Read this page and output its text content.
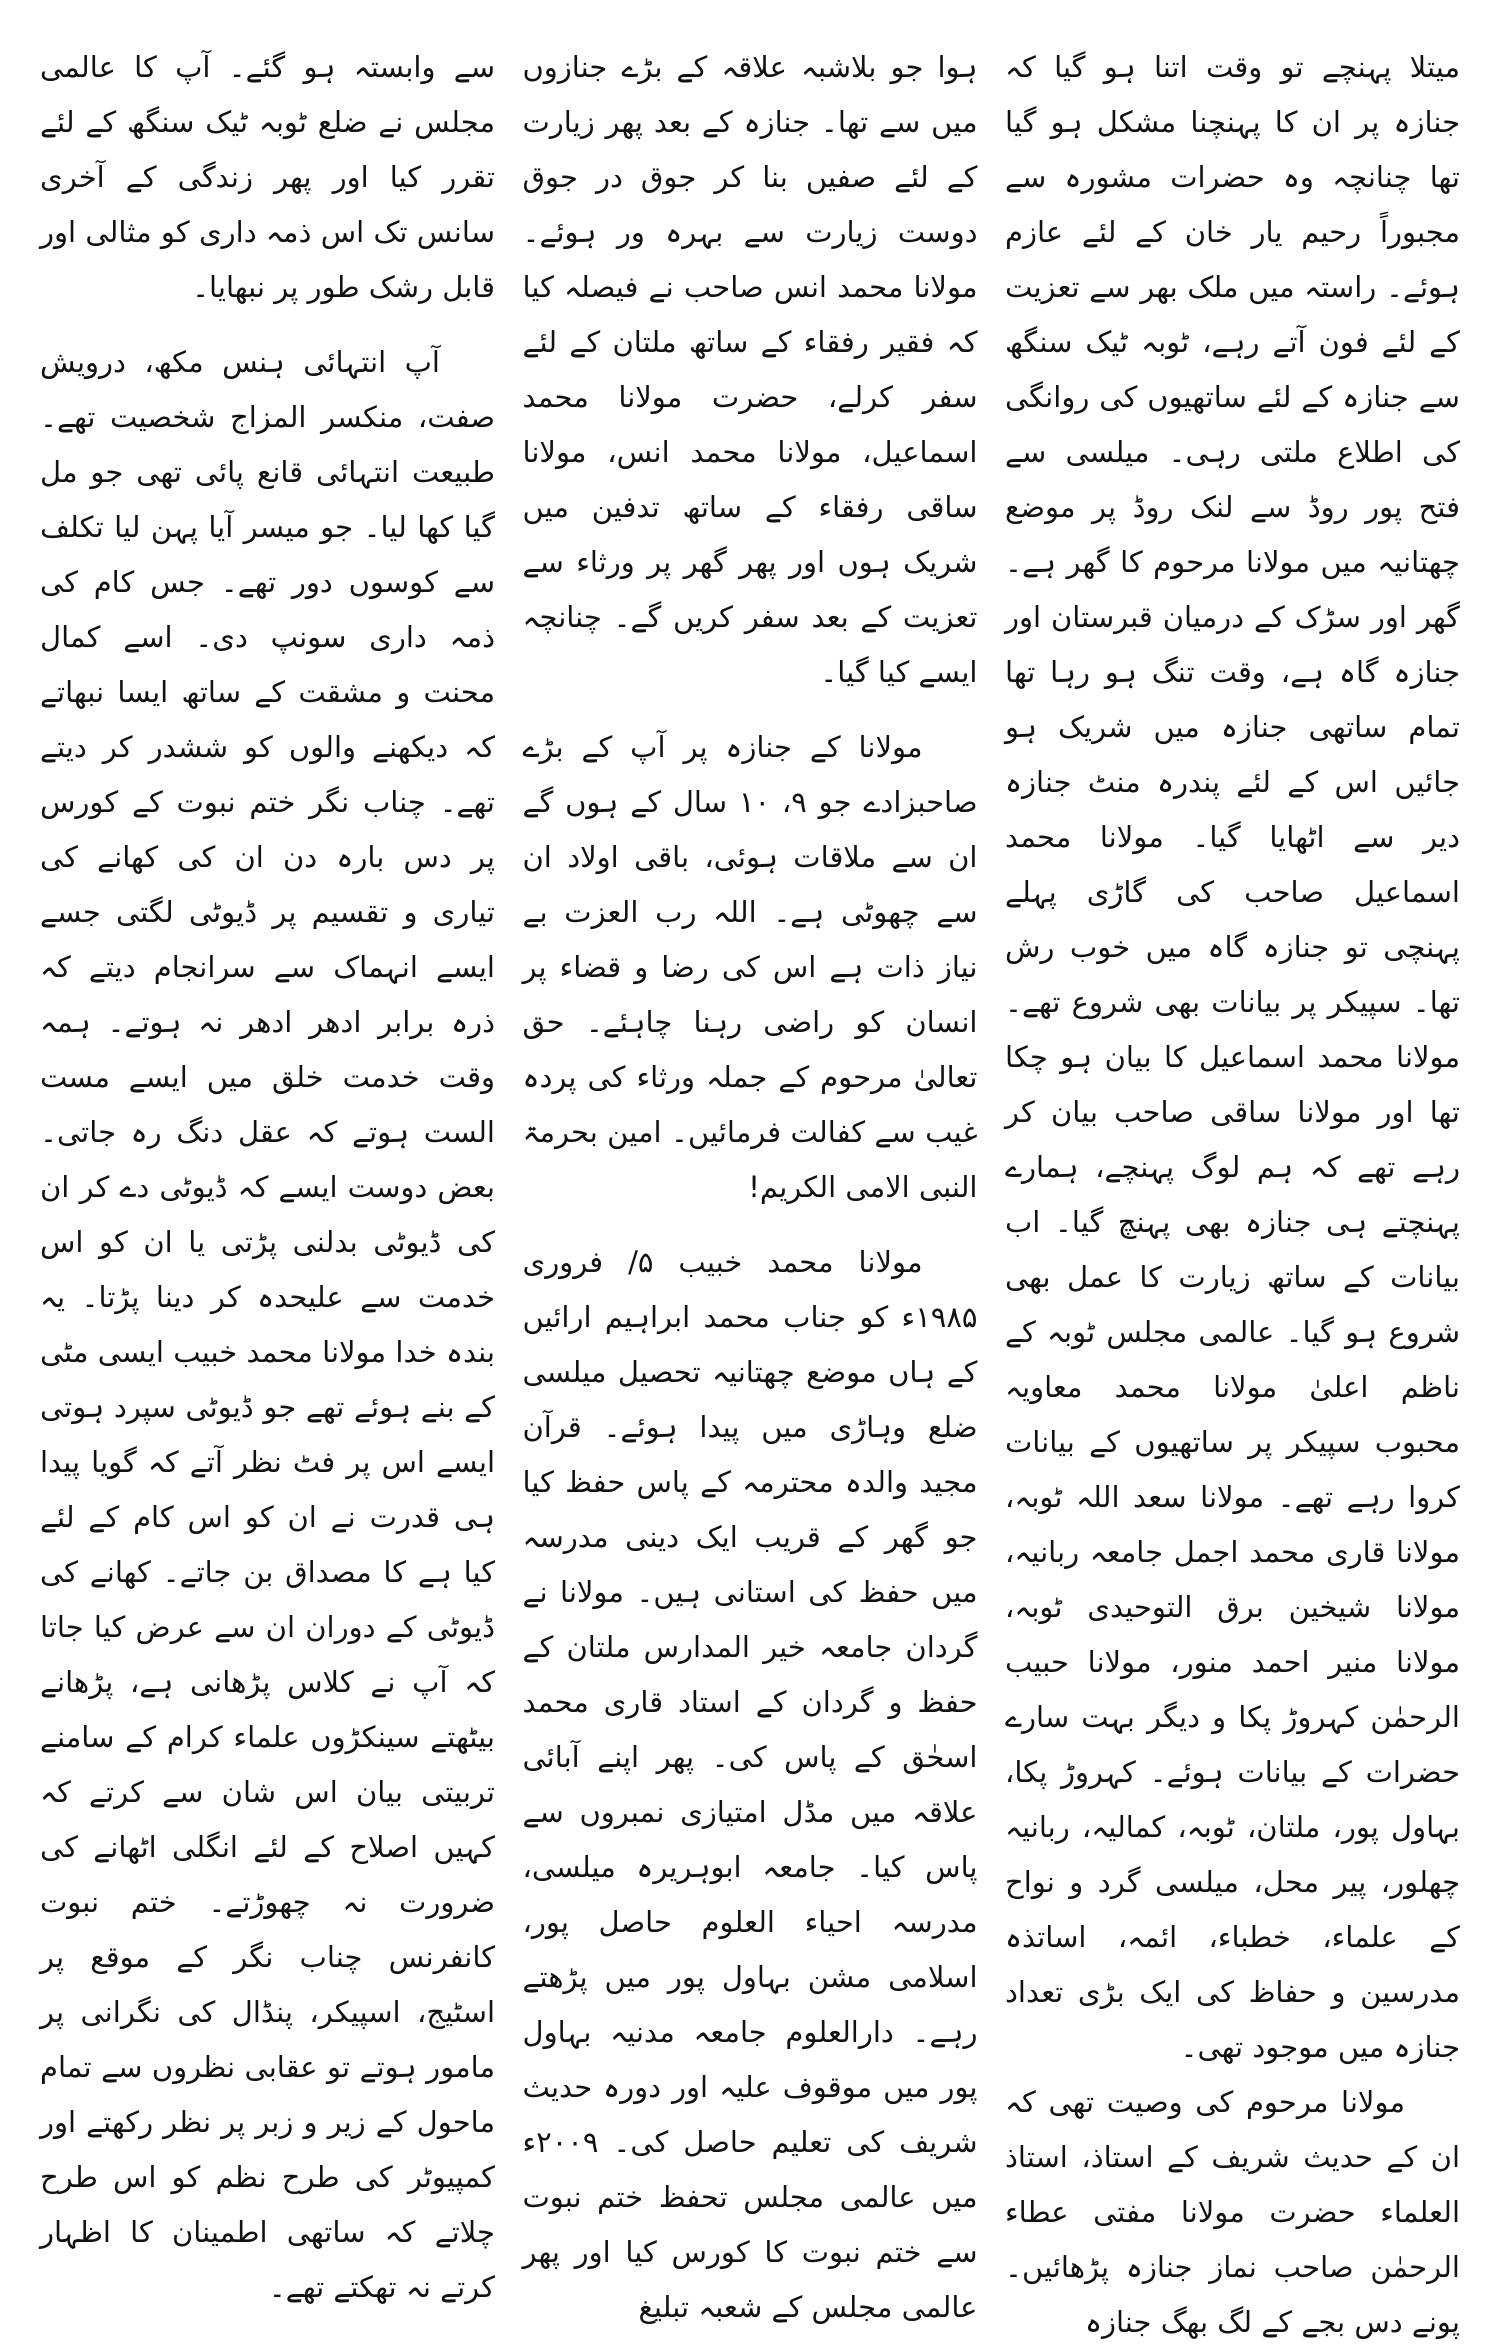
میتلا پہنچے تو وقت اتنا ہو گیا کہ جنازہ پر ان کا پہنچنا مشکل ہو گیا تھا چنانچہ وہ حضرات مشورہ سے مجبوراً رحیم یار خان کے لئے عازم ہوئے۔ راستہ میں ملک بھر سے تعزیت کے لئے فون آتے رہے، ٹوبہ ٹیک سنگھ سے جنازہ کے لئے ساتھیوں کی روانگی کی اطلاع ملتی رہی۔ میلسی سے فتح پور روڈ سے لنک روڈ پر موضع چھتانیہ میں مولانا مرحوم کا گھر ہے۔ گھر اور سڑک کے درمیان قبرستان اور جنازہ گاہ ہے، وقت تنگ ہو رہا تھا تمام ساتھی جنازہ میں شریک ہو جائیں اس کے لئے پندرہ منٹ جنازہ دیر سے اٹھایا گیا۔ مولانا محمد اسماعیل صاحب کی گاڑی پہلے پہنچی تو جنازہ گاہ میں خوب رش تھا۔ سپیکر پر بیانات بھی شروع تھے۔ مولانا محمد اسماعیل کا بیان ہو چکا تھا اور مولانا ساقی صاحب بیان کر رہے تھے کہ ہم لوگ پہنچے، ہمارے پہنچتے ہی جنازہ بھی پہنچ گیا۔ اب بیانات کے ساتھ زیارت کا عمل بھی شروع ہو گیا۔ عالمی مجلس ٹوبہ کے ناظم اعلیٰ مولانا محمد معاویہ محبوب سپیکر پر ساتھیوں کے بیانات کروا رہے تھے۔ مولانا سعد اللہ ٹوبہ، مولانا قاری محمد اجمل جامعہ ربانیہ، مولانا شیخین برق التوحیدی ٹوبہ، مولانا منیر احمد منور، مولانا حبیب الرحمٰن کہروڑ پکا و دیگر بہت سارے حضرات کے بیانات ہوئے۔ کہروڑ پکا، بہاول پور، ملتان، ٹوبہ، کمالیہ، ربانیہ چھلور، پیر محل، میلسی گرد و نواح کے علماء، خطباء، ائمہ، اساتذہ مدرسین و حفاظ کی ایک بڑی تعداد جنازہ میں موجود تھی۔

مولانا مرحوم کی وصیت تھی کہ ان کے حدیث شریف کے استاذ، استاذ العلماء حضرت مولانا مفتی عطاء الرحمٰن صاحب نماز جنازہ پڑھائیں۔ پونے دس بجے کے لگ بھگ جنازہ

ہوا جو بلاشبہ علاقہ کے بڑے جنازوں میں سے تھا۔ جنازہ کے بعد پھر زیارت کے لئے صفیں بنا کر جوق در جوق دوست زیارت سے بہرہ ور ہوئے۔ مولانا محمد انس صاحب نے فیصلہ کیا کہ فقیر رفقاء کے ساتھ ملتان کے لئے سفر کرلے، حضرت مولانا محمد اسماعیل، مولانا محمد انس، مولانا ساقی رفقاء کے ساتھ تدفین میں شریک ہوں اور پھر گھر پر ورثاء سے تعزیت کے بعد سفر کریں گے۔ چنانچہ ایسے کیا گیا۔

مولانا کے جنازہ پر آپ کے بڑے صاحبزادے جو ۹، ۱۰ سال کے ہوں گے ان سے ملاقات ہوئی، باقی اولاد ان سے چھوٹی ہے۔ اللہ رب العزت بے نیاز ذات ہے اس کی رضا و قضاء پر انسان کو راضی رہنا چاہئے۔ حق تعالیٰ مرحوم کے جملہ ورثاء کی پردہ غیب سے کفالت فرمائیں۔ امین بحرمۃ النبی الامی الکریم!

مولانا محمد خبیب ۵/ فروری ۱۹۸۵ء کو جناب محمد ابراہیم ارائیں کے ہاں موضع چھتانیہ تحصیل میلسی ضلع وہاڑی میں پیدا ہوئے۔ قرآن مجید والدہ محترمہ کے پاس حفظ کیا جو گھر کے قریب ایک دینی مدرسہ میں حفظ کی استانی ہیں۔ مولانا نے گردان جامعہ خیر المدارس ملتان کے حفظ و گردان کے استاد قاری محمد اسحٰق کے پاس کی۔ پھر اپنے آبائی علاقہ میں مڈل امتیازی نمبروں سے پاس کیا۔ جامعہ ابوہریرہ میلسی، مدرسہ احیاء العلوم حاصل پور، اسلامی مشن بہاول پور میں پڑھتے رہے۔ دارالعلوم جامعہ مدنیہ بہاول پور میں موقوف علیہ اور دورہ حدیث شریف کی تعلیم حاصل کی۔ ۲۰۰۹ء میں عالمی مجلس تحفظ ختم نبوت سے ختم نبوت کا کورس کیا اور پھر عالمی مجلس کے شعبہ تبلیغ

سے وابستہ ہو گئے۔ آپ کا عالمی مجلس نے ضلع ٹوبہ ٹیک سنگھ کے لئے تقرر کیا اور پھر زندگی کے آخری سانس تک اس ذمہ داری کو مثالی اور قابل رشک طور پر نبھایا۔

آپ انتہائی ہنس مکھ، درویش صفت، منکسر المزاج شخصیت تھے۔ طبیعت انتہائی قانع پائی تھی جو مل گیا کھا لیا۔ جو میسر آیا پہن لیا تکلف سے کوسوں دور تھے۔ جس کام کی ذمہ داری سونپ دی۔ اسے کمال محنت و مشقت کے ساتھ ایسا نبھاتے کہ دیکھنے والوں کو ششدر کر دیتے تھے۔ چناب نگر ختم نبوت کے کورس پر دس بارہ دن ان کی کھانے کی تیاری و تقسیم پر ڈیوٹی لگتی جسے ایسے انہماک سے سرانجام دیتے کہ ذرہ برابر ادھر ادھر نہ ہوتے۔ ہمہ وقت خدمت خلق میں ایسے مست الست ہوتے کہ عقل دنگ رہ جاتی۔ بعض دوست ایسے کہ ڈیوٹی دے کر ان کی ڈیوٹی بدلنی پڑتی یا ان کو اس خدمت سے علیحدہ کر دینا پڑتا۔ یہ بندہ خدا مولانا محمد خبیب ایسی مٹی کے بنے ہوئے تھے جو ڈیوٹی سپرد ہوتی ایسے اس پر فٹ نظر آتے کہ گویا پیدا ہی قدرت نے ان کو اس کام کے لئے کیا ہے کا مصداق بن جاتے۔ کھانے کی ڈیوٹی کے دوران ان سے عرض کیا جاتا کہ آپ نے کلاس پڑھانی ہے، پڑھانے بیٹھتے سینکڑوں علماء کرام کے سامنے تربیتی بیان اس شان سے کرتے کہ کہیں اصلاح کے لئے انگلی اٹھانے کی ضرورت نہ چھوڑتے۔ ختم نبوت کانفرنس چناب نگر کے موقع پر اسٹیج، اسپیکر، پنڈال کی نگرانی پر مامور ہوتے تو عقابی نظروں سے تمام ماحول کے زیر و زبر پر نظر رکھتے اور کمپیوٹر کی طرح نظم کو اس طرح چلاتے کہ ساتھی اطمینان کا اظہار کرتے نہ تھکتے تھے۔
